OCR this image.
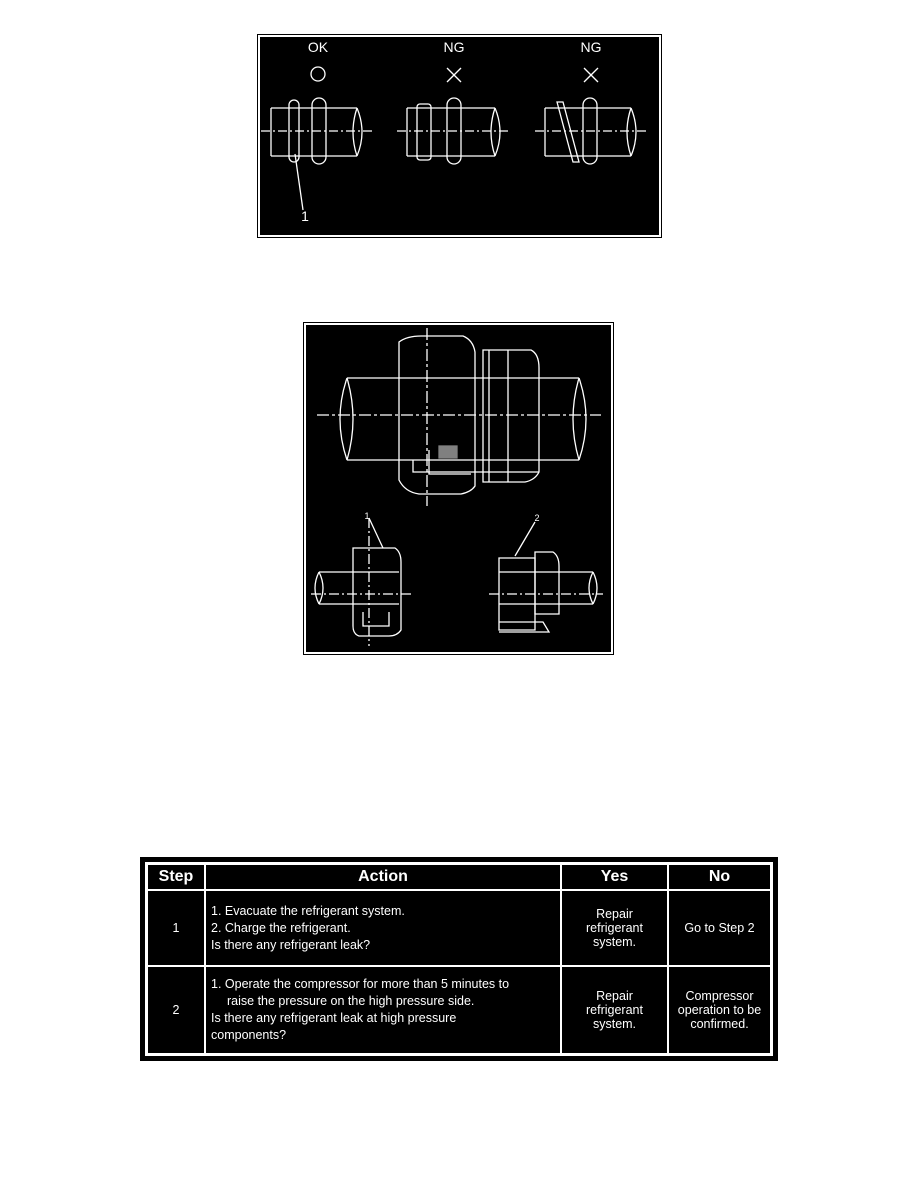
OK	NG	NG
1
1	2
Step	Action	Yes	No
1	1. Evacuate the refrigerant system.
2. Charge the refrigerant.
Is there any refrigerant leak?	Repair refrigerant system.	Go to Step 2
2	1. Operate the compressor for more than 5 minutes to
raise the pressure on the high pressure side.
Is there any refrigerant leak at high pressure
components?	Repair refrigerant system.	Compressor operation to be confirmed.
